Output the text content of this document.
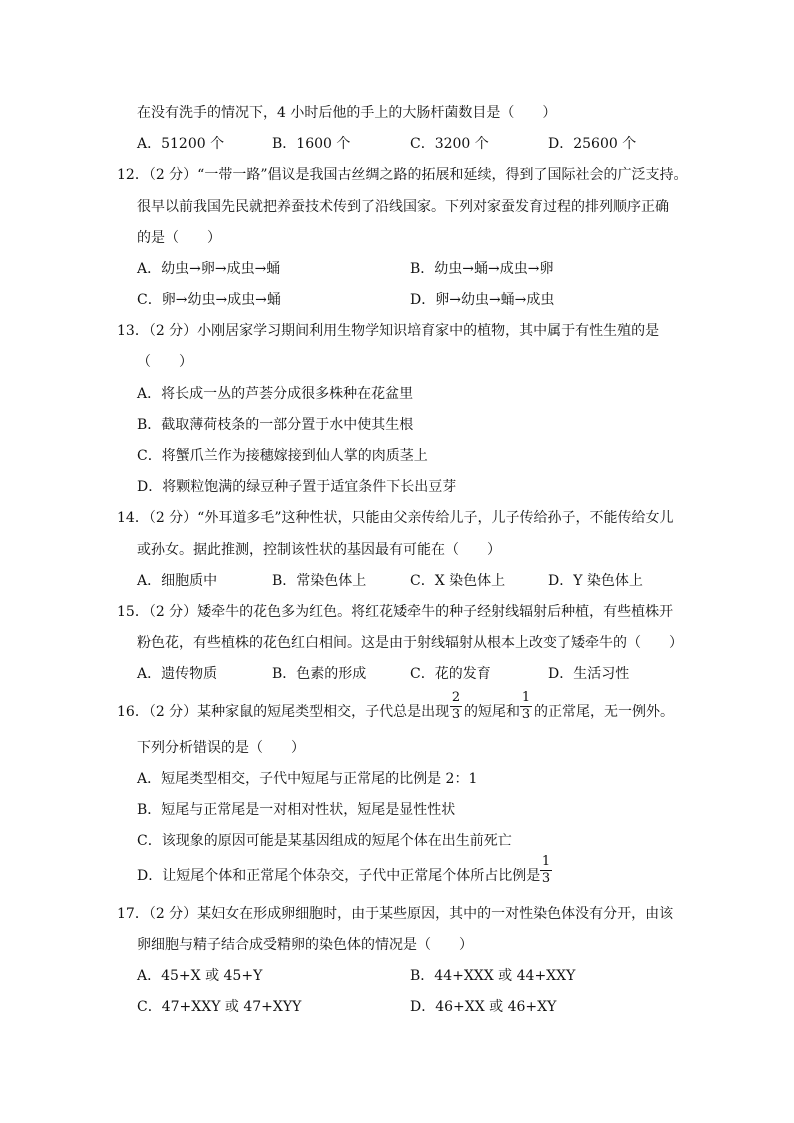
在没有洗手的情况下，4 小时后他的手上的大肠杆菌数目是（　　）
A．51200 个	B．1600 个	C．3200 个	D．25600 个
12．（2 分）“一带一路”倡议是我国古丝绸之路的拓展和延续，得到了国际社会的广泛支持。
很早以前我国先民就把养蚕技术传到了沿线国家。下列对家蚕发育过程的排列顺序正确
的是（　　）
A．幼虫→卵→成虫→蛹	B．幼虫→蛹→成虫→卵
C．卵→幼虫→成虫→蛹	D．卵→幼虫→蛹→成虫
13．（2 分）小刚居家学习期间利用生物学知识培育家中的植物，其中属于有性生殖的是
（　　）
A．将长成一丛的芦荟分成很多株种在花盆里
B．截取薄荷枝条的一部分置于水中使其生根
C．将蟹爪兰作为接穗嫁接到仙人掌的肉质茎上
D．将颗粒饱满的绿豆种子置于适宜条件下长出豆芽
14．（2 分）“外耳道多毛”这种性状，只能由父亲传给儿子，儿子传给孙子，不能传给女儿
或孙女。据此推测，控制该性状的基因最有可能在（　　）
A．细胞质中	B．常染色体上	C．X 染色体上	D．Y 染色体上
15．（2 分）矮牵牛的花色多为红色。将红花矮牵牛的种子经射线辐射后种植，有些植株开
粉色花，有些植株的花色红白相间。这是由于射线辐射从根本上改变了矮牵牛的（　　）
A．遗传物质	B．色素的形成	C．花的发育	D．生活习性
16．（2 分）某种家鼠的短尾类型相交，子代总是出现
2
3 的短尾和
1
3 的正常尾，无一例外。
下列分析错误的是（　　）
A．短尾类型相交，子代中短尾与正常尾的比例是 2：1
B．短尾与正常尾是一对相对性状，短尾是显性性状
C．该现象的原因可能是某基因组成的短尾个体在出生前死亡
D．让短尾个体和正常尾个体杂交，子代中正常尾个体所占比例是
1
3
17．（2 分）某妇女在形成卵细胞时，由于某些原因，其中的一对性染色体没有分开，由该
卵细胞与精子结合成受精卵的染色体的情况是（　　）
A．45+X 或 45+Y	B．44+XXX 或 44+XXY
C．47+XXY 或 47+XYY	D．46+XX 或 46+XY
